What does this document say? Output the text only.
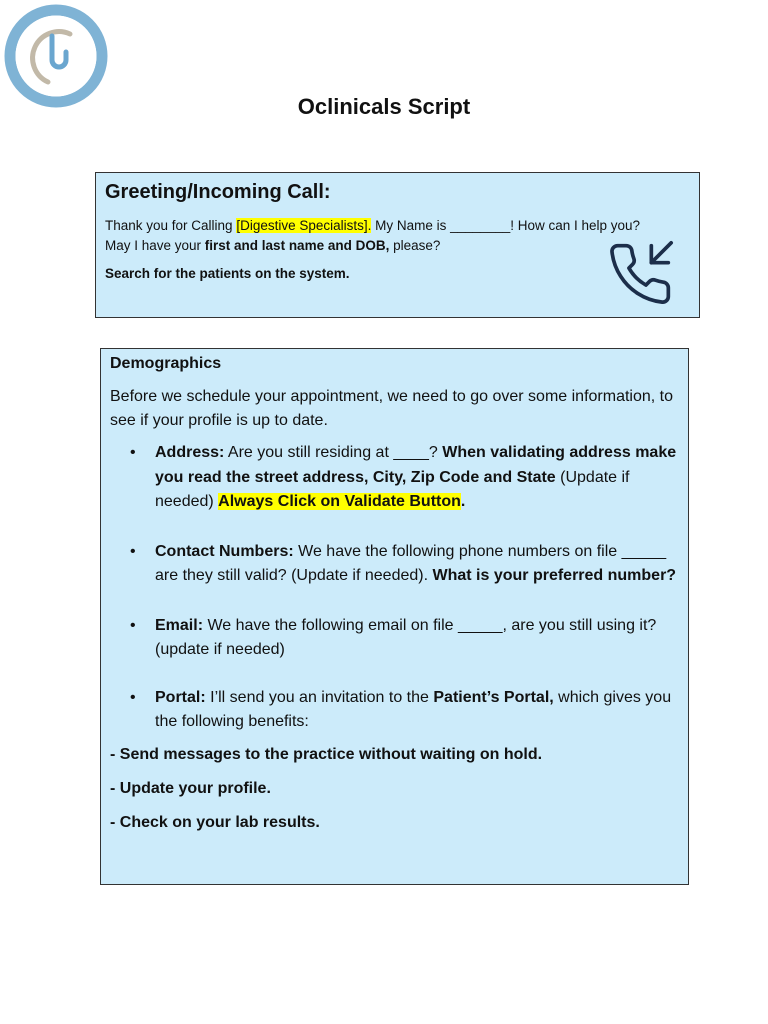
Oclinicals Script
Greeting/Incoming Call:

Thank you for Calling [Digestive Specialists]. My Name is ________! How can I help you?
May I have your first and last name and DOB, please?

Search for the patients on the system.

Demographics

Before we schedule your appointment, we need to go over some information, to see if your profile is up to date.

• Address: Are you still residing at ____? When validating address make you read the street address, City, Zip Code and State (Update if needed) Always Click on Validate Button.
• Contact Numbers: We have the following phone numbers on file _____ are they still valid? (Update if needed). What is your preferred number?
• Email: We have the following email on file _____, are you still using it? (update if needed)
• Portal: I’ll send you an invitation to the Patient’s Portal, which gives you the following benefits:

- Send messages to the practice without waiting on hold.

- Update your profile.

- Check on your lab results.
